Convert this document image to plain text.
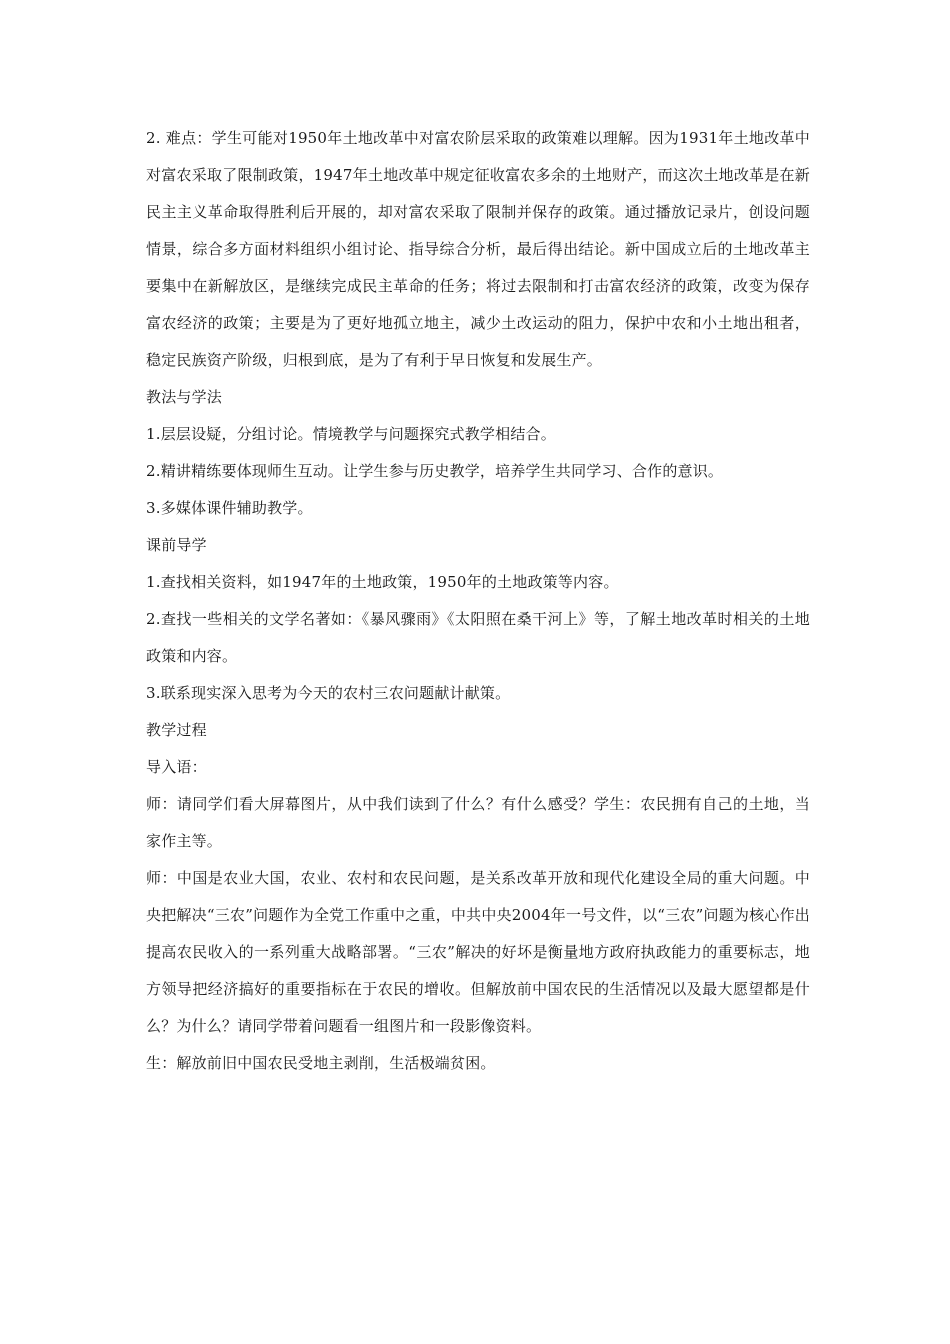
2. 难点：学生可能对1950年土地改革中对富农阶层采取的政策难以理解。因为1931年土地改革中对富农采取了限制政策，1947年土地改革中规定征收富农多余的土地财产，而这次土地改革是在新民主主义革命取得胜利后开展的，却对富农采取了限制并保存的政策。通过播放记录片，创设问题情景，综合多方面材料组织小组讨论、指导综合分析，最后得出结论。新中国成立后的土地改革主要集中在新解放区，是继续完成民主革命的任务；将过去限制和打击富农经济的政策，改变为保存富农经济的政策；主要是为了更好地孤立地主，减少土改运动的阻力，保护中农和小土地出租者，稳定民族资产阶级，归根到底，是为了有利于早日恢复和发展生产。

教法与学法

1.层层设疑，分组讨论。情境教学与问题探究式教学相结合。

2.精讲精练要体现师生互动。让学生参与历史教学，培养学生共同学习、合作的意识。

3.多媒体课件辅助教学。

课前导学

1.查找相关资料，如1947年的土地政策，1950年的土地政策等内容。

2.查找一些相关的文学名著如：《暴风骤雨》《太阳照在桑干河上》等，了解土地改革时相关的土地政策和内容。

3.联系现实深入思考为今天的农村三农问题献计献策。

教学过程

导入语：

师：请同学们看大屏幕图片，从中我们读到了什么？有什么感受？学生：农民拥有自己的土地，当家作主等。

师：中国是农业大国，农业、农村和农民问题，是关系改革开放和现代化建设全局的重大问题。中央把解决“三农”问题作为全党工作重中之重，中共中央2004年一号文件，以“三农”问题为核心作出提高农民收入的一系列重大战略部署。“三农”解决的好坏是衡量地方政府执政能力的重要标志，地方领导把经济搞好的重要指标在于农民的增收。但解放前中国农民的生活情况以及最大愿望都是什么？为什么？请同学带着问题看一组图片和一段影像资料。

生：解放前旧中国农民受地主剥削，生活极端贫困。
